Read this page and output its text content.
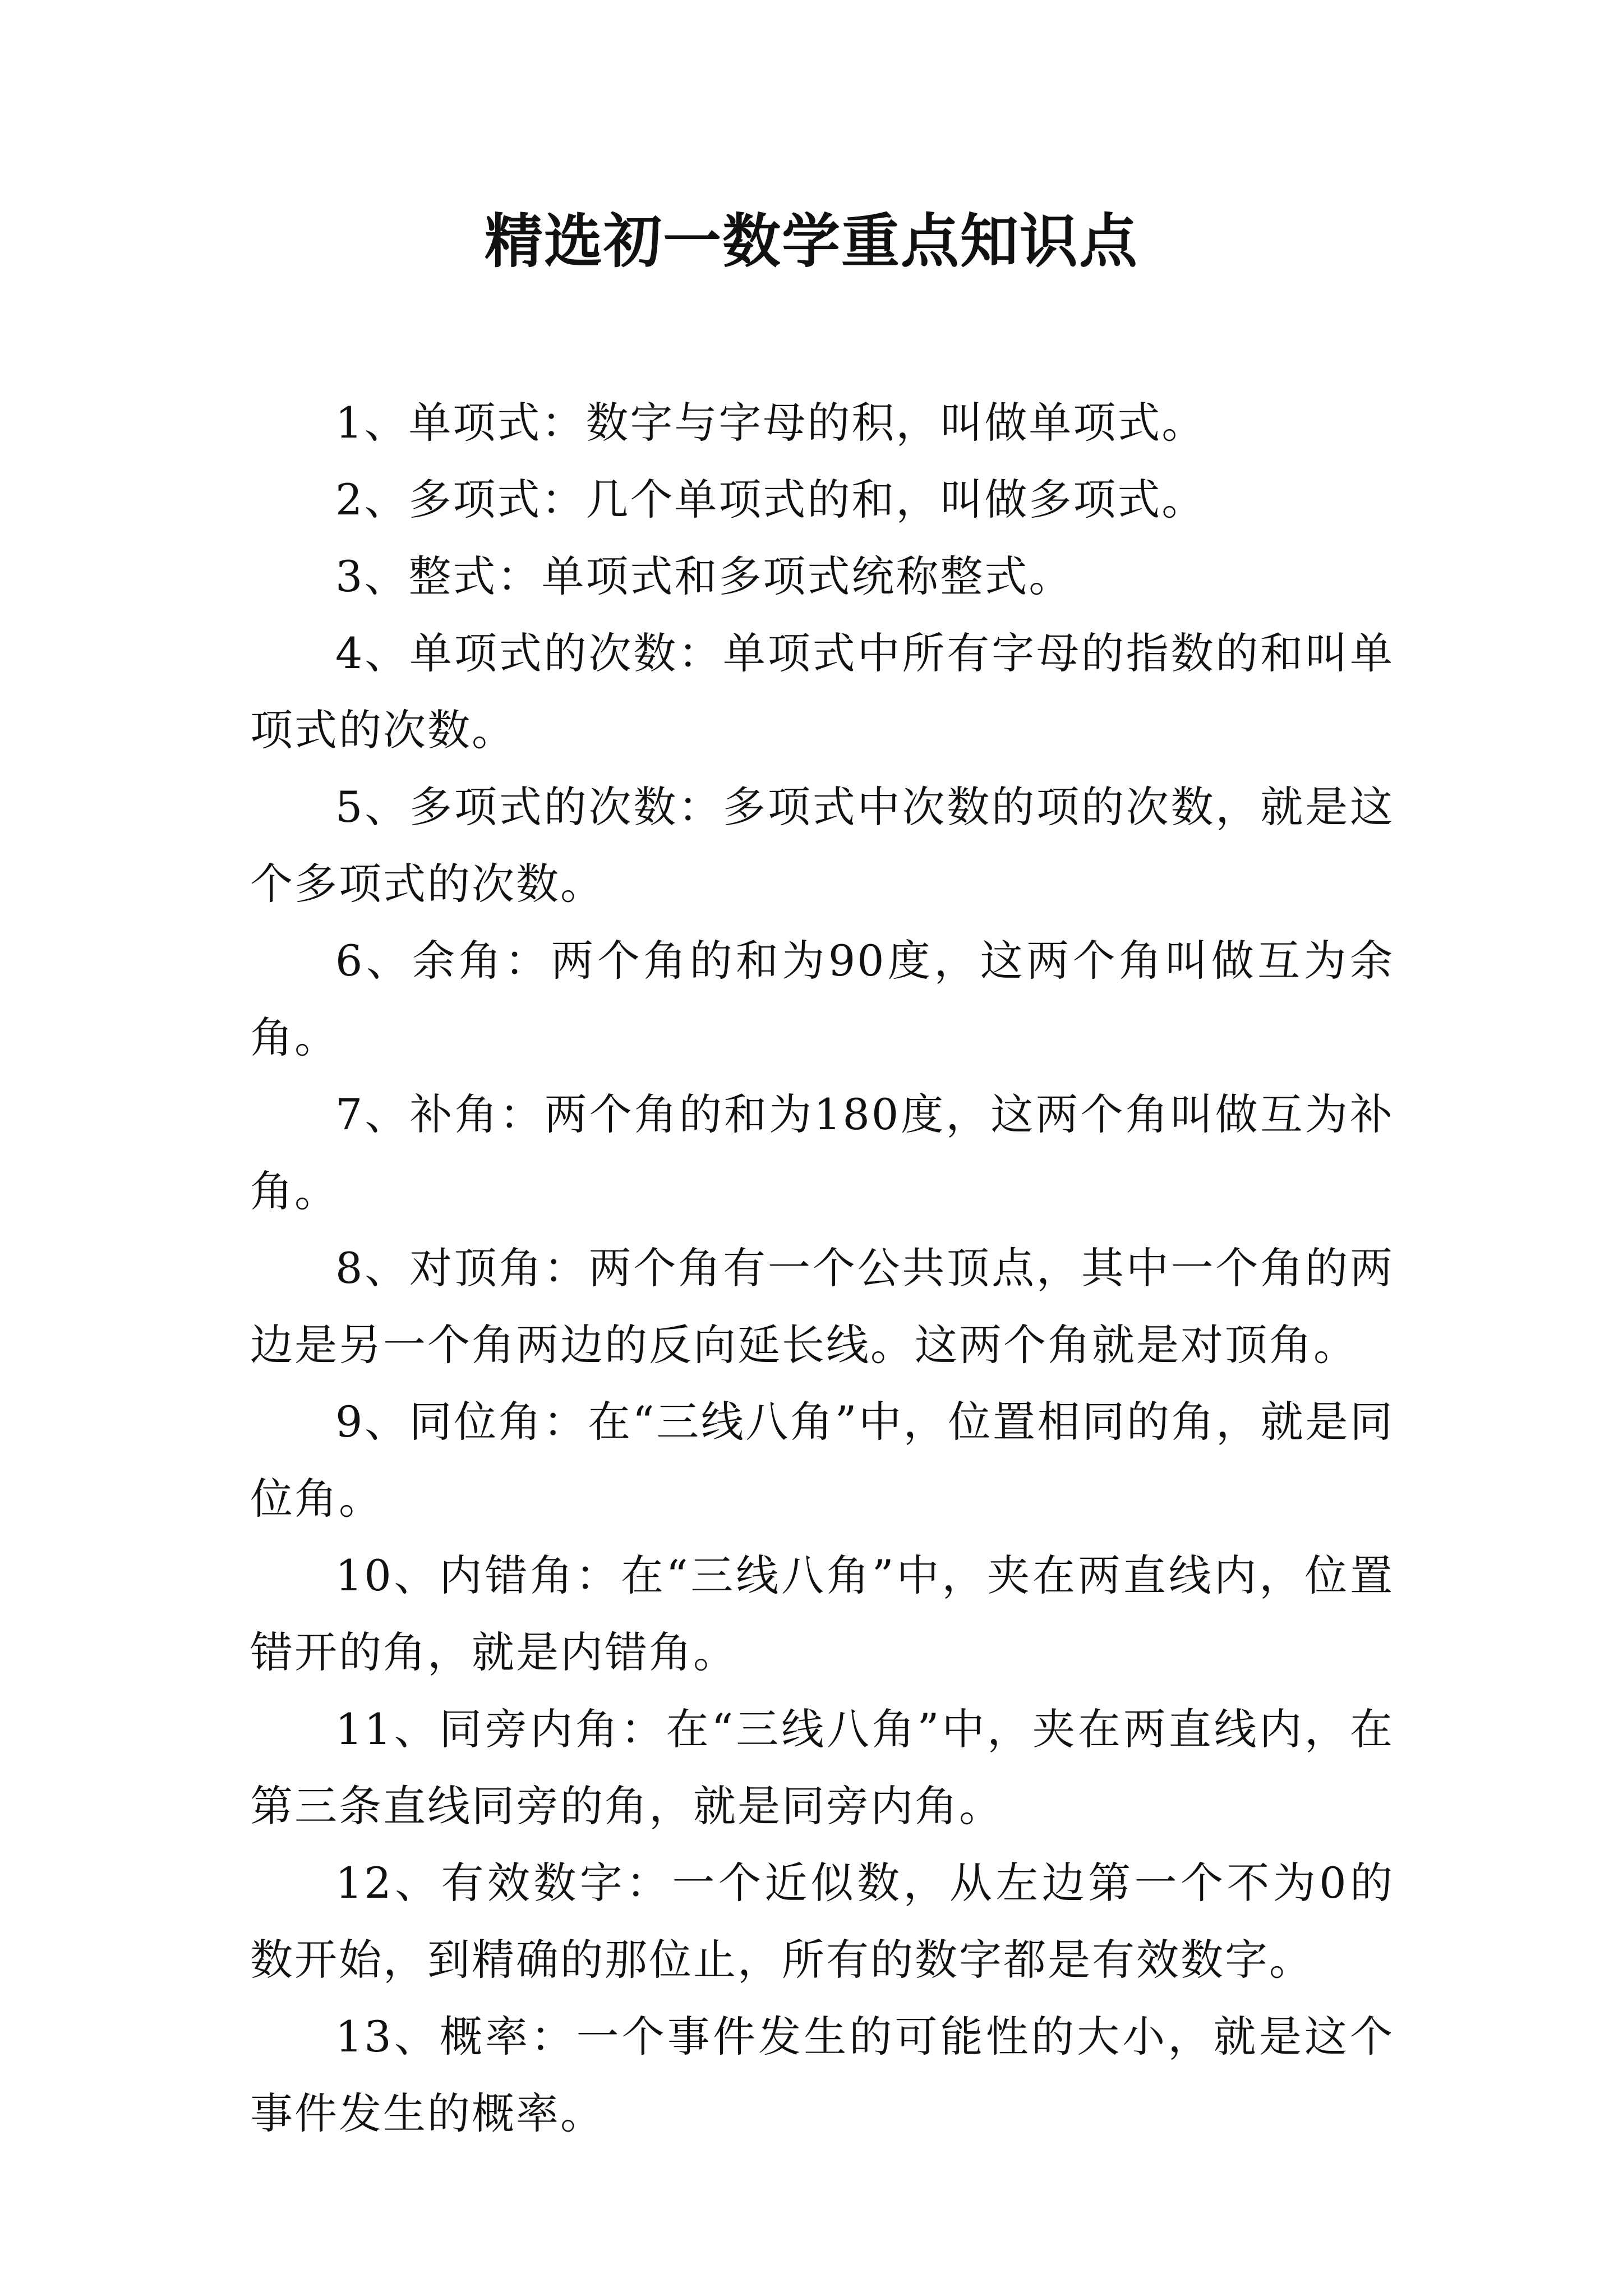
精选初一数学重点知识点

1、单项式：数字与字母的积，叫做单项式。

2、多项式：几个单项式的和，叫做多项式。

3、整式：单项式和多项式统称整式。

4、单项式的次数：单项式中所有字母的指数的和叫单项式的次数。

5、多项式的次数：多项式中次数的项的次数，就是这个多项式的次数。

6、余角：两个角的和为90度，这两个角叫做互为余角。

7、补角：两个角的和为180度，这两个角叫做互为补角。

8、对顶角：两个角有一个公共顶点，其中一个角的两边是另一个角两边的反向延长线。这两个角就是对顶角。

9、同位角：在“三线八角”中，位置相同的角，就是同位角。

10、内错角：在“三线八角”中，夹在两直线内，位置错开的角，就是内错角。

11、同旁内角：在“三线八角”中，夹在两直线内，在第三条直线同旁的角，就是同旁内角。

12、有效数字：一个近似数，从左边第一个不为0的数开始，到精确的那位止，所有的数字都是有效数字。

13、概率：一个事件发生的可能性的大小，就是这个事件发生的概率。
